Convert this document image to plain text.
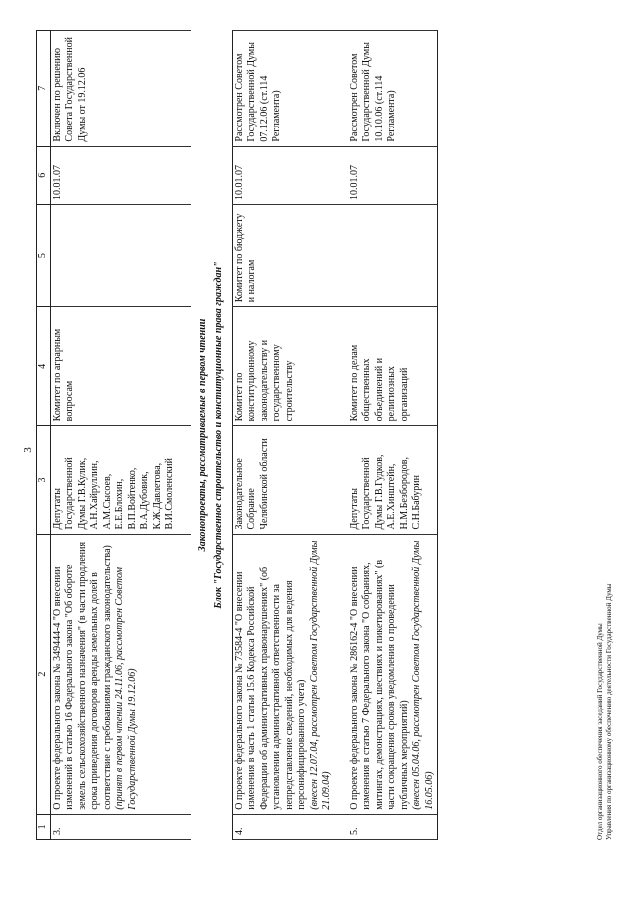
3
1	2	3	4	5	6	7
3.	О проекте федерального закона № 349444-4 "О внесении изменений в статью 16 Федерального закона "Об обороте земель сельскохозяйственного назначения" (в части продления срока приведения договоров аренды земельных долей в соответствие с требованиями гражданского законодательства) (принят в первом чтении 24.11.06, рассмотрен Советом Государственной Думы 19.12.06)	Депутаты Государственной Думы Г.В.Кулик, А.Н.Хайруллин, А.М.Сысоев, Е.Е.Блохин, В.П.Войтенко, В.А.Дубовик, К.Ж.Давлетова, В.И.Смоленский	Комитет по аграрным вопросам		10.01.07	Включен по решению Совета Государственной Думы от 19.12.06
Законопроекты, рассматриваемые в первом чтении						
Блок "Государственное строительство и конституционные права граждан"						
4.	О проекте федерального закона № 73584-4 "О внесении изменения в часть 1 статьи 15.6 Кодекса Российской Федерации об административных правонарушениях" (об установлении административной ответственности за непредставление сведений, необходимых для ведения персонифицированного учета) (внесен 12.07.04, рассмотрен Советом Государственной Думы 21.09.04)	Законодательное Собрание Челябинской области	Комитет по конституционному законодательству и государственному строительству	Комитет по бюджету и налогам	10.01.07	Рассмотрен Советом Государственной Думы 07.12.06 (ст.114 Регламента)
5.	О проекте федерального закона № 286162-4 "О внесении изменения в статью 7 Федерального закона "О собраниях, митингах, демонстрациях, шествиях и пикетированиях" (в части сокращения сроков уведомления о проведении публичных мероприятий) (внесен 05.04.06, рассмотрен Советом Государственной Думы 16.05.06)	Депутаты Государственной Думы Г.В.Гудков, А.Е.Хинштейн, Н.М.Безбородов, С.Н.Бабурин	Комитет по делам общественных объединений и религиозных организаций		10.01.07	Рассмотрен Советом Государственной Думы 10.10.06 (ст.114 Регламента)
Отдел организационного обеспечения заседаний Государственной Думы Управления по организационному обеспечению деятельности Государственной Думы
